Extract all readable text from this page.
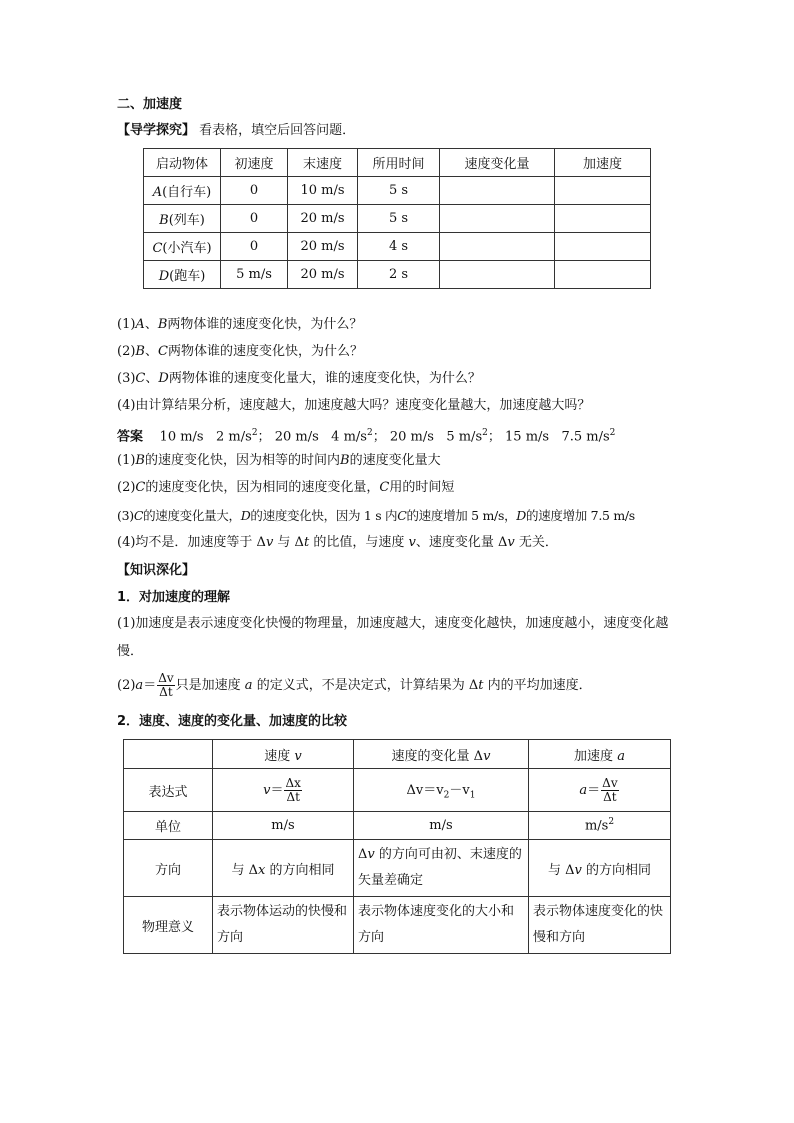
二、加速度
【导学探究】 看表格，填空后回答问题．
启动物体	初速度	末速度	所用时间	速度变化量	加速度
A(自行车)	0	10 m/s	5 s		
B(列车)	0	20 m/s	5 s		
C(小汽车)	0	20 m/s	4 s		
D(跑车)	5 m/s	20 m/s	2 s		
(1)A、B两物体谁的速度变化快，为什么？
(2)B、C两物体谁的速度变化快，为什么？
(3)C、D两物体谁的速度变化量大，谁的速度变化快，为什么？
(4)由计算结果分析，速度越大，加速度越大吗？速度变化量越大，加速度越大吗？
答案 10 m/s 2 $m/s^2$； 20 m/s 4 $m/s^2$； 20 m/s 5 $m/s^2$； 15 m/s 7.5 $m/s^2$
(1)B的速度变化快，因为相等的时间内B的速度变化量大
(2)C的速度变化快，因为相同的速度变化量，C用的时间短
(3)C的速度变化量大，D的速度变化快，因为 1 s 内C的速度增加 5 m/s，D的速度增加 7.5 m/s
(4)均不是．加速度等于 Δv 与 Δt 的比值，与速度 v、速度变化量 Δv 无关．
【知识深化】
1．对加速度的理解
(1)加速度是表示速度变化快慢的物理量，加速度越大，速度变化越快，加速度越小，速度变化越慢．
$(2)a= \frac{\Delta v}{\Delta t}$ 只是加速度 a 的定义式，不是决定式，计算结果为 Δt 内的平均加速度．
2．速度、速度的变化量、加速度的比较
	速度 v	速度的变化量 Δv	加速度 a
表达式	$v= \frac{\Delta x}{\Delta t}$	$\Delta v=v_2-v_1$	$a= \frac{\Delta v}{\Delta t}$

单位	m/s	m/s	$m/s^2$
方向	与 Δx 的方向相同	Δv 的方向可由初、末速度的矢量差确定	与 Δv 的方向相同
物理意义	表示物体运动的快慢和方向	表示物体速度变化的大小和方向	表示物体速度变化的快慢和方向
